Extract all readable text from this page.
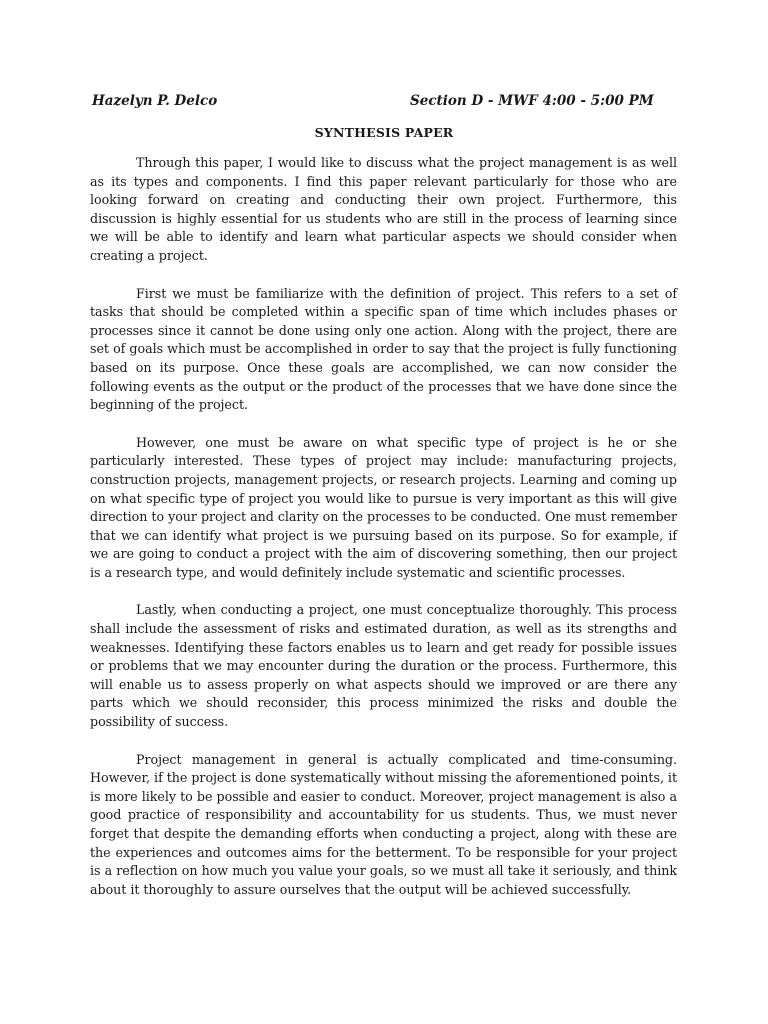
Hazelyn P. Delco	Section D - MWF 4:00 - 5:00 PM
SYNTHESIS PAPER

Through this paper, I would like to discuss what the project management is as well as its types and components. I find this paper relevant particularly for those who are looking forward on creating and conducting their own project. Furthermore, this discussion is highly essential for us students who are still in the process of learning since we will be able to identify and learn what particular aspects we should consider when creating a project.

First we must be familiarize with the definition of project. This refers to a set of tasks that should be completed within a specific span of time which includes phases or processes since it cannot be done using only one action. Along with the project, there are set of goals which must be accomplished in order to say that the project is fully functioning based on its purpose. Once these goals are accomplished, we can now consider the following events as the output or the product of the processes that we have done since the beginning of the project.

However, one must be aware on what specific type of project is he or she particularly interested. These types of project may include: manufacturing projects, construction projects, management projects, or research projects. Learning and coming up on what specific type of project you would like to pursue is very important as this will give direction to your project and clarity on the processes to be conducted. One must remember that we can identify what project is we pursuing based on its purpose. So for example, if we are going to conduct a project with the aim of discovering something, then our project is a research type, and would definitely include systematic and scientific processes.

Lastly, when conducting a project, one must conceptualize thoroughly. This process shall include the assessment of risks and estimated duration, as well as its strengths and weaknesses. Identifying these factors enables us to learn and get ready for possible issues or problems that we may encounter during the duration or the process. Furthermore, this will enable us to assess properly on what aspects should we improved or are there any parts which we should reconsider, this process minimized the risks and double the possibility of success.

Project management in general is actually complicated and time-consuming. However, if the project is done systematically without missing the aforementioned points, it is more likely to be possible and easier to conduct. Moreover, project management is also a good practice of responsibility and accountability for us students. Thus, we must never forget that despite the demanding efforts when conducting a project, along with these are the experiences and outcomes aims for the betterment. To be responsible for your project is a reflection on how much you value your goals, so we must all take it seriously, and think about it thoroughly to assure ourselves that the output will be achieved successfully.
